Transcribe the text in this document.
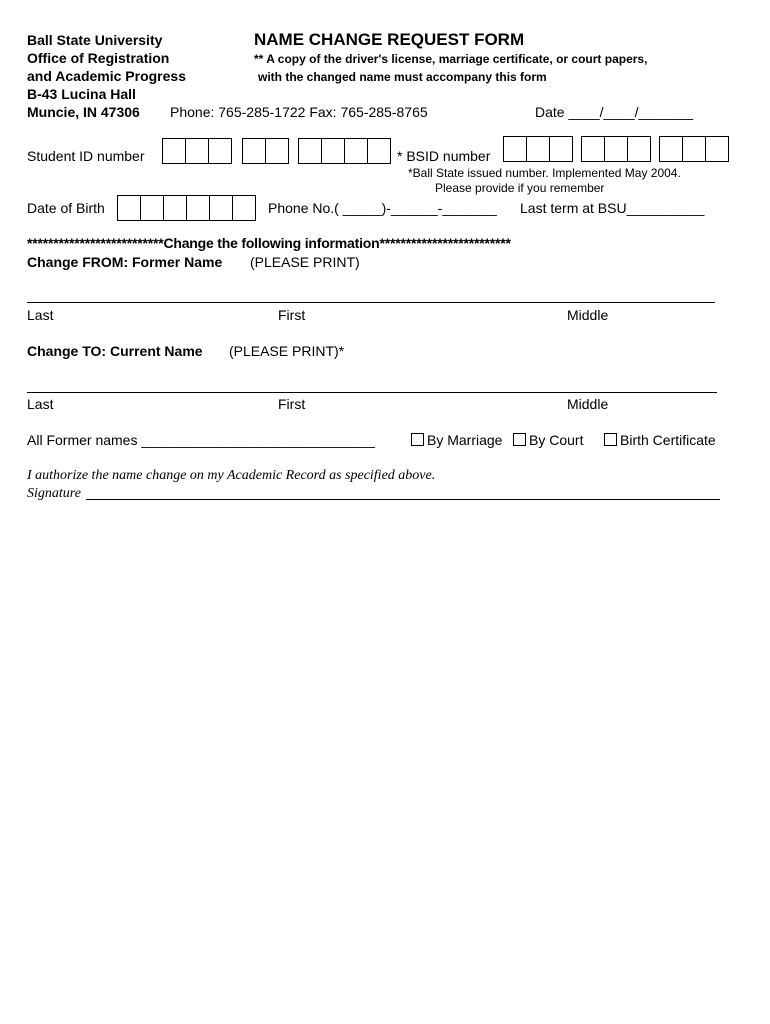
Ball State University
Office of Registration
and Academic Progress
B-43 Lucina Hall
Muncie, IN 47306 Phone: 765-285-1722 Fax: 765-285-8765
NAME CHANGE REQUEST FORM
** A copy of the driver's license, marriage certificate, or court papers,
with the changed name must accompany this form
Date ____/____/_______
Student ID number	* BSID number
*Ball State issued number. Implemented May 2004.
Please provide if you remember
Date of Birth	Phone No.( _____)-______-_______ Last term at BSU__________
**************************Change the following information*************************
Change FROM: Former Name (PLEASE PRINT)
Last	First	Middle
Change TO: Current Name (PLEASE PRINT)*
Last	First	Middle
All Former names ______________________________	By Marriage	By Court	Birth Certificate
I authorize the name change on my Academic Record as specified above.
Signature
